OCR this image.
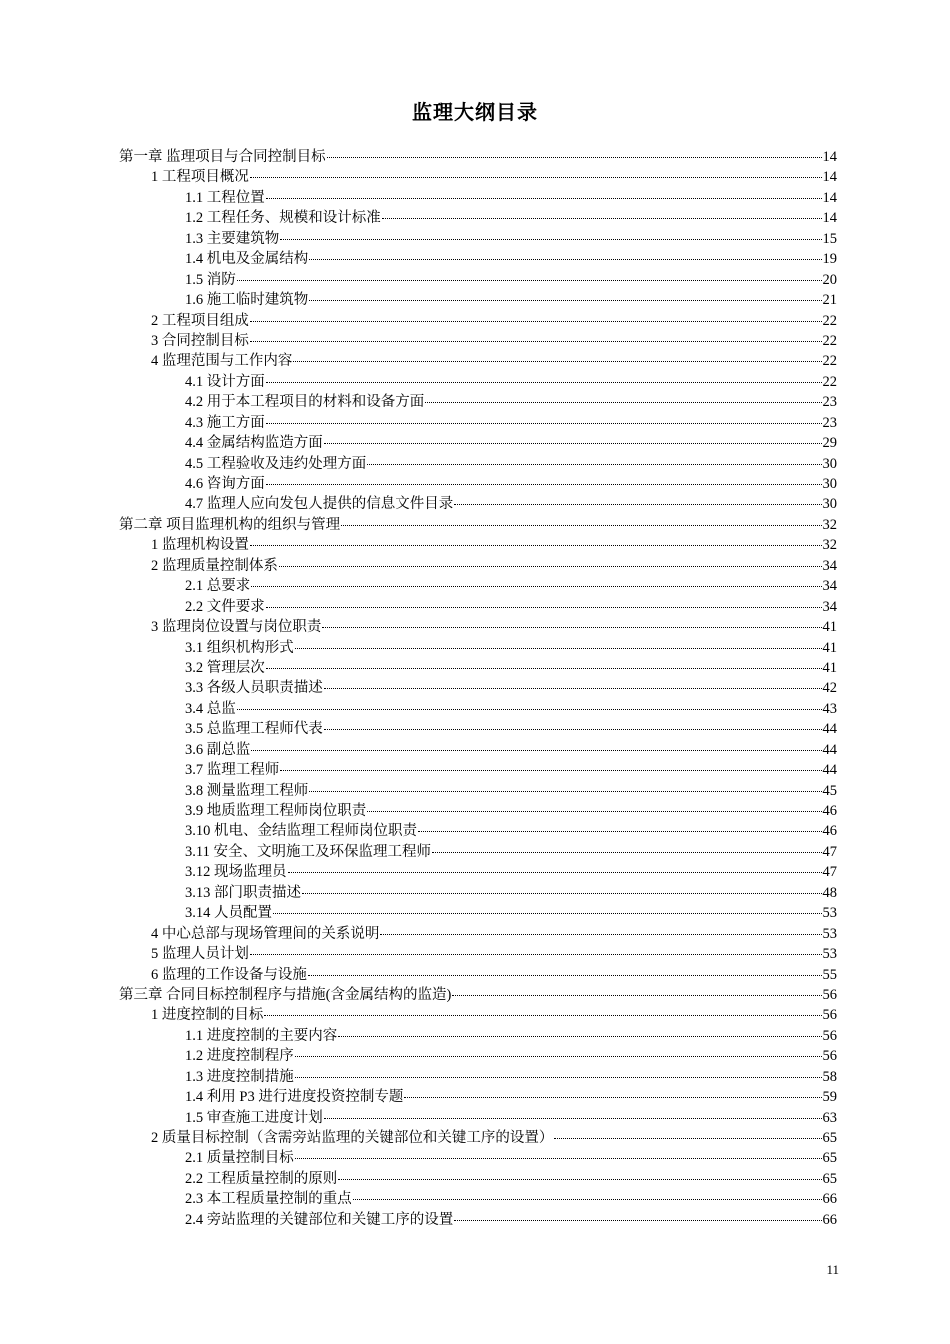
监理大纲目录
第一章 监理项目与合同控制目标	14
1 工程项目概况	14
1.1 工程位置	14
1.2 工程任务、规模和设计标准	14
1.3 主要建筑物	15
1.4 机电及金属结构	19
1.5 消防	20
1.6 施工临时建筑物	21
2 工程项目组成	22
3 合同控制目标	22
4 监理范围与工作内容	22
4.1 设计方面	22
4.2 用于本工程项目的材料和设备方面	23
4.3 施工方面	23
4.4 金属结构监造方面	29
4.5 工程验收及违约处理方面	30
4.6 咨询方面	30
4.7 监理人应向发包人提供的信息文件目录	30
第二章 项目监理机构的组织与管理	32
1 监理机构设置	32
2 监理质量控制体系	34
2.1 总要求	34
2.2 文件要求	34
3 监理岗位设置与岗位职责	41
3.1 组织机构形式	41
3.2 管理层次	41
3.3 各级人员职责描述	42
3.4 总监	43
3.5 总监理工程师代表	44
3.6 副总监	44
3.7 监理工程师	44
3.8 测量监理工程师	45
3.9 地质监理工程师岗位职责	46
3.10 机电、金结监理工程师岗位职责	46
3.11 安全、文明施工及环保监理工程师	47
3.12 现场监理员	47
3.13 部门职责描述	48
3.14 人员配置	53
4 中心总部与现场管理间的关系说明	53
5 监理人员计划	53
6 监理的工作设备与设施	55
第三章 合同目标控制程序与措施(含金属结构的监造)	56
1 进度控制的目标	56
1.1 进度控制的主要内容	56
1.2 进度控制程序	56
1.3 进度控制措施	58
1.4 利用 P3 进行进度投资控制专题	59
1.5 审查施工进度计划	63
2 质量目标控制（含需旁站监理的关键部位和关键工序的设置）	65
2.1 质量控制目标	65
2.2 工程质量控制的原则	65
2.3 本工程质量控制的重点	66
2.4 旁站监理的关键部位和关键工序的设置	66
11
